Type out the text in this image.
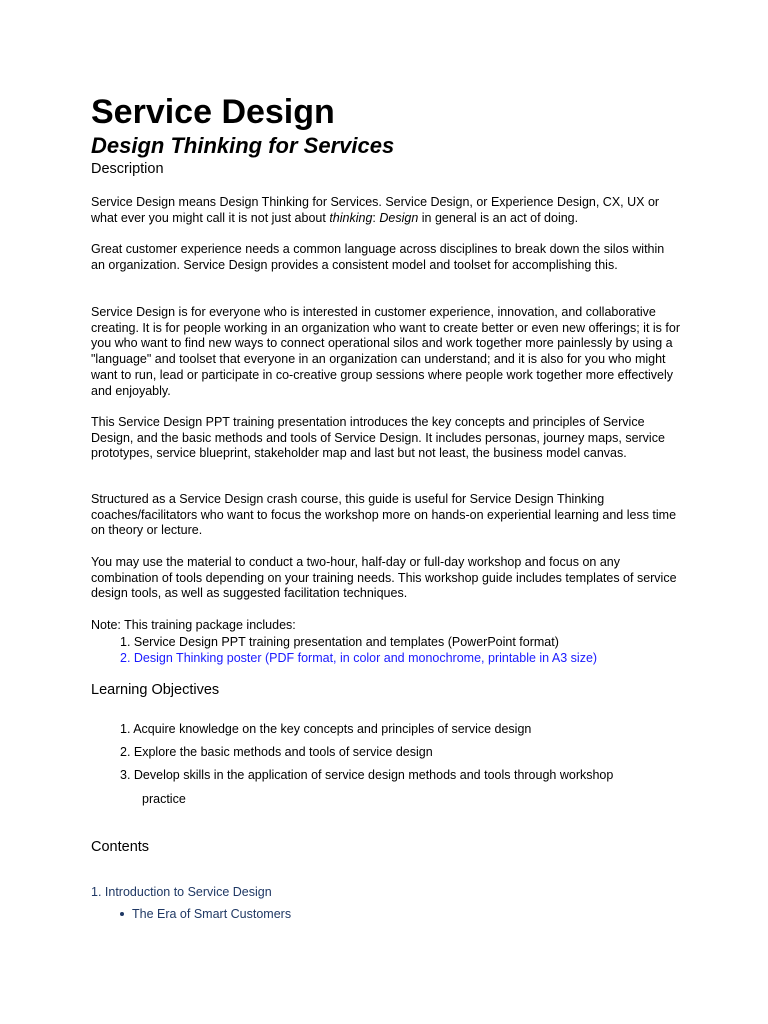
Service Design
Design Thinking for Services
Description

Service Design means Design Thinking for Services. Service Design, or Experience Design, CX, UX or what ever you might call it is not just about thinking: Design in general is an act of doing.

Great customer experience needs a common language across disciplines to break down the silos within an organization. Service Design provides a consistent model and toolset for accomplishing this.

Service Design is for everyone who is interested in customer experience, innovation, and collaborative creating. It is for people working in an organization who want to create better or even new offerings; it is for you who want to find new ways to connect operational silos and work together more painlessly by using a "language" and toolset that everyone in an organization can understand; and it is also for you who might want to run, lead or participate in co-creative group sessions where people work together more effectively and enjoyably.

This Service Design PPT training presentation introduces the key concepts and principles of Service Design, and the basic methods and tools of Service Design. It includes personas, journey maps, service prototypes, service blueprint, stakeholder map and last but not least, the business model canvas.

Structured as a Service Design crash course, this guide is useful for Service Design Thinking coaches/facilitators who want to focus the workshop more on hands-on experiential learning and less time on theory or lecture.

You may use the material to conduct a two-hour, half-day or full-day workshop and focus on any combination of tools depending on your training needs. This workshop guide includes templates of service design tools, as well as suggested facilitation techniques.

Note: This training package includes:

1. Service Design PPT training presentation and templates (PowerPoint format)
2. Design Thinking poster (PDF format, in color and monochrome, printable in A3 size)
Learning Objectives
1. Acquire knowledge on the key concepts and principles of service design
2. Explore the basic methods and tools of service design
3. Develop skills in the application of service design methods and tools through workshop
practice
Contents
1. Introduction to Service Design
The Era of Smart Customers
